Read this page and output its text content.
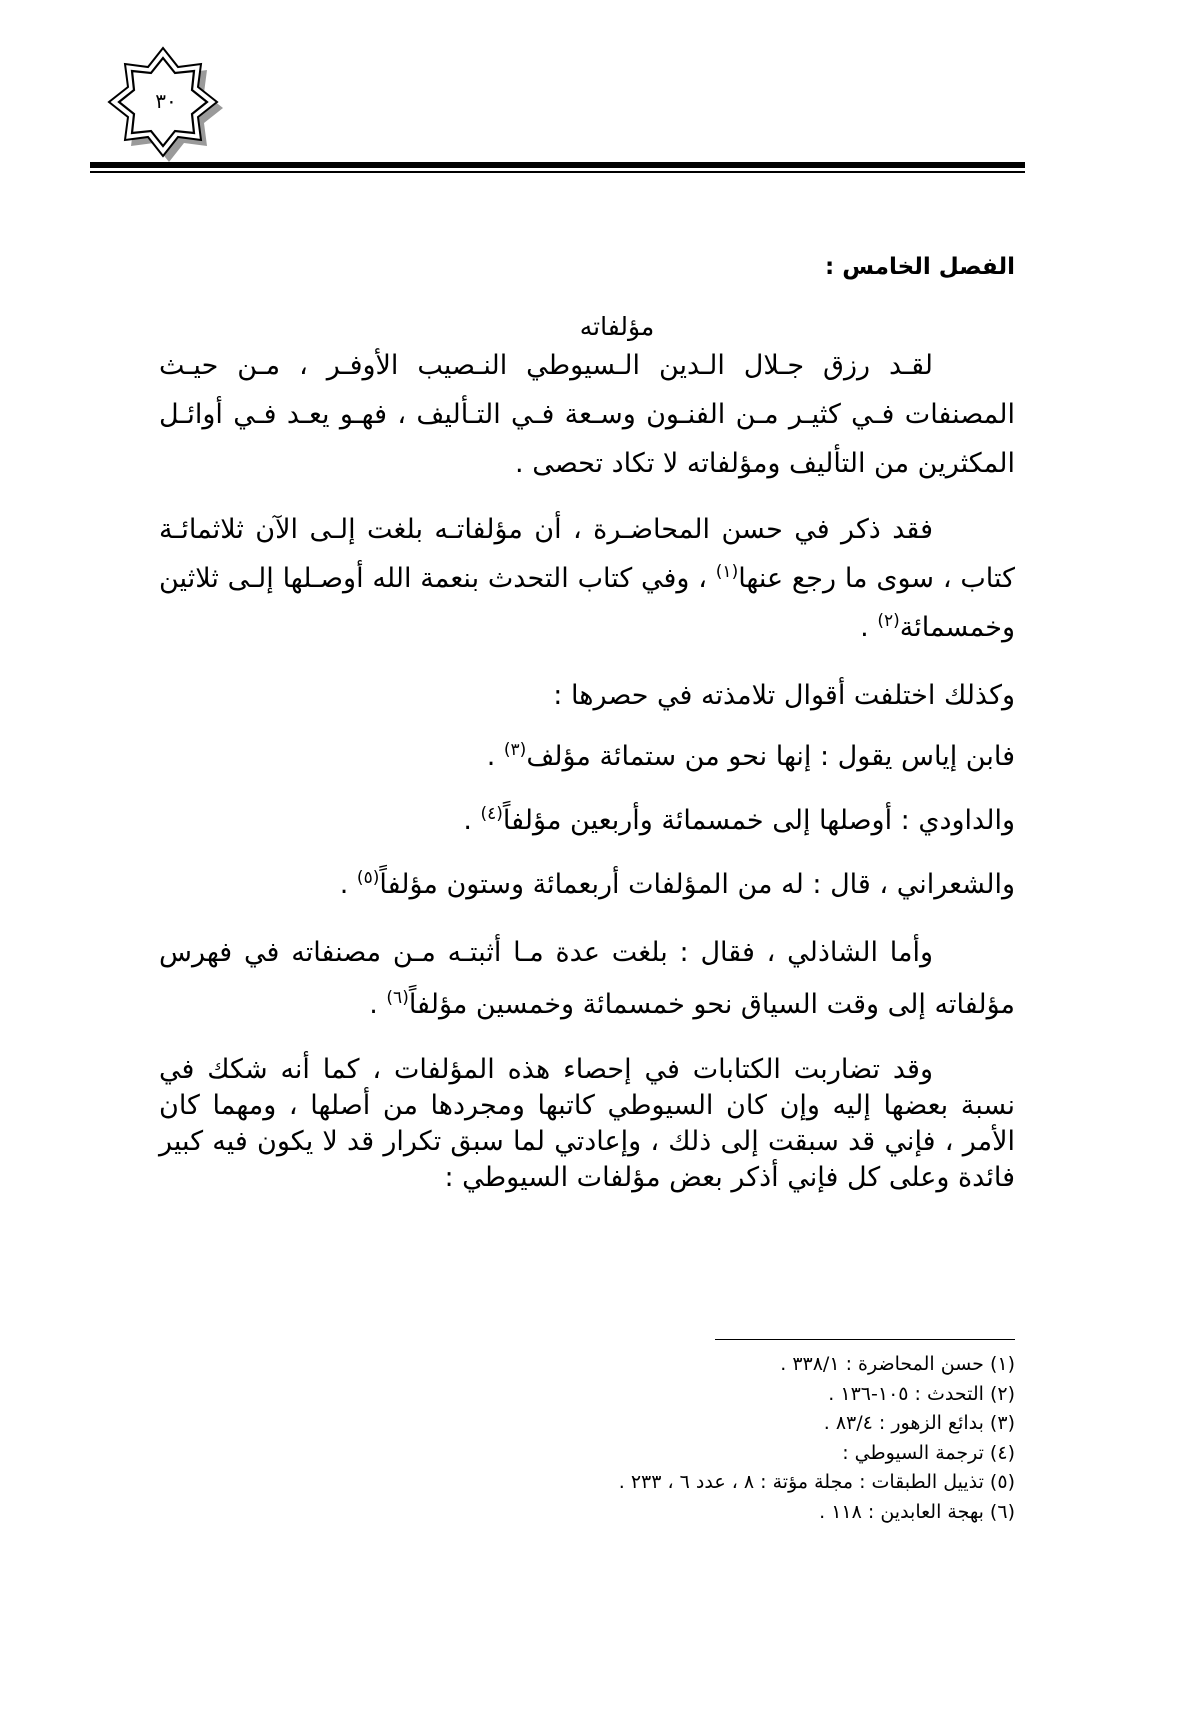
٣٠
الفصل الخامس :
مؤلفاته

لقـد رزق جـلال الـدين الـسيوطي النـصيب الأوفـر ، مـن حيـث المصنفات فـي كثيـر مـن الفنـون وسـعة فـي التـأليف ، فهـو يعـد فـي أوائـل المكثرين من التأليف ومؤلفاته لا تكاد تحصى .

فقد ذكر في حسن المحاضـرة ، أن مؤلفاتـه بلغت إلـى الآن ثلاثمائـة كتاب ، سوى ما رجع عنها$^{(١)}$ ، وفي كتاب التحدث بنعمة الله أوصـلها إلـى ثلاثين وخمسمائة$^{(٢)}$ .

وكذلك اختلفت أقوال تلامذته في حصرها :
فابن إياس يقول : إنها نحو من ستمائة مؤلف$^{(٣)}$ .
والداودي : أوصلها إلى خمسمائة وأربعين مؤلفاً$^{(٤)}$ .
والشعراني ، قال : له من المؤلفات أربعمائة وستون مؤلفاً$^{(٥)}$ .

وأما الشاذلي ، فقال : بلغت عدة مـا أثبتـه مـن مصنفاته في فهرس مؤلفاته إلى وقت السياق نحو خمسمائة وخمسين مؤلفاً$^{(٦)}$ .

وقد تضاربت الكتابات في إحصاء هذه المؤلفات ، كما أنه شكك في نسبة بعضها إليه وإن كان السيوطي كاتبها ومجردها من أصلها ، ومهما كان الأمر ، فإني قد سبقت إلى ذلك ، وإعادتي لما سبق تكرار قد لا يكون فيه كبير فائدة وعلى كل فإني أذكر بعض مؤلفات السيوطي :

(١) حسن المحاضرة : ٣٣٨/١ .
(٢) التحدث : ١٠٥-١٣٦ .
(٣) بدائع الزهور : ٨٣/٤ .
(٤) ترجمة السيوطي :
(٥) تذييل الطبقات : مجلة مؤتة : ٨ ، عدد ٦ ، ٢٣٣ .
(٦) بهجة العابدين : ١١٨ .
